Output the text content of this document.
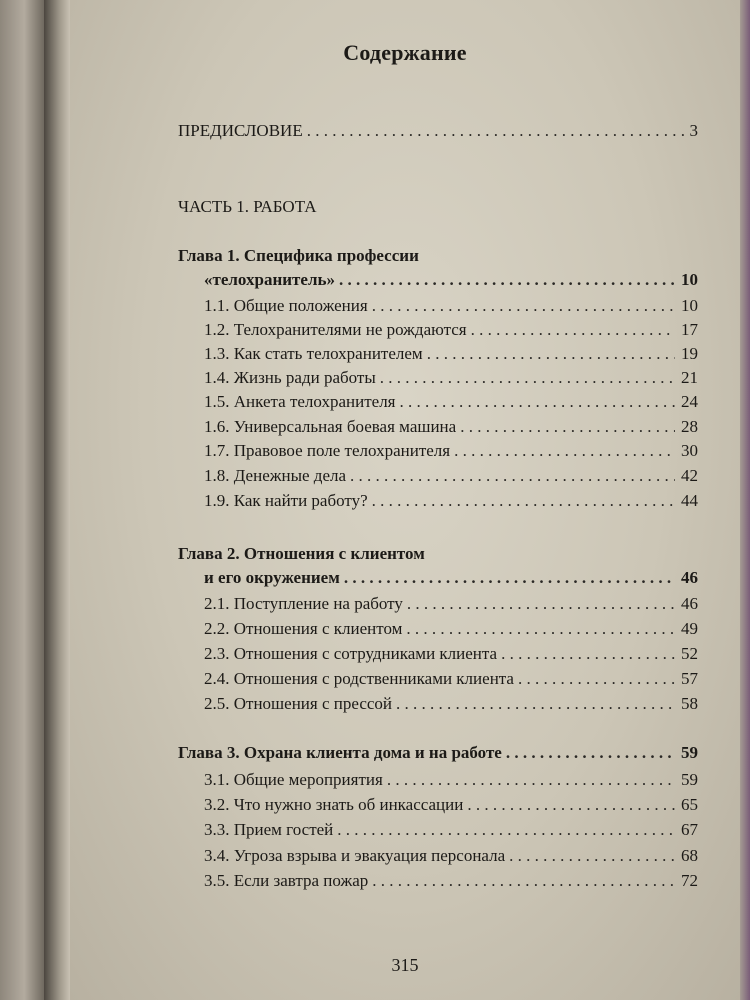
Содержание
ПРЕДИСЛОВИЕ . . .	3
ЧАСТЬ 1. РАБОТА
Глава 1. Специфика профессии
«телохранитель» . . .	10
1.1. Общие положения . . .	10
1.2. Телохранителями не рождаются . . .	17
1.3. Как стать телохранителем . . .	19
1.4. Жизнь ради работы . . .	21
1.5. Анкета телохранителя . . .	24
1.6. Универсальная боевая машина . . .	28
1.7. Правовое поле телохранителя . . .	30
1.8. Денежные дела . . .	42
1.9. Как найти работу? . . .	44
Глава 2. Отношения с клиентом
и его окружением . . .	46
2.1. Поступление на работу . . .	46
2.2. Отношения с клиентом . . .	49
2.3. Отношения с сотрудниками клиента . . .	52
2.4. Отношения с родственниками клиента . . .	57
2.5. Отношения с прессой . . .	58
Глава 3. Охрана клиента дома и на работе . . .	59
3.1. Общие мероприятия . . .	59
3.2. Что нужно знать об инкассации . . .	65
3.3. Прием гостей . . .	67
3.4. Угроза взрыва и эвакуация персонала . . .	68
3.5. Если завтра пожар . . .	72
315
